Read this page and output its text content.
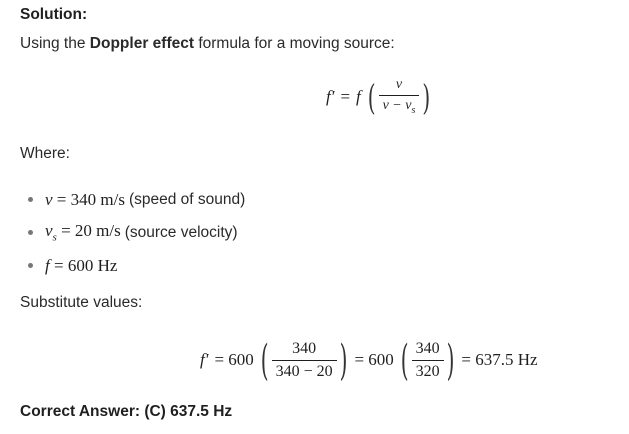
Solution:
Using the Doppler effect formula for a moving source:
f′ = f ( $\frac{v}{v - v_s}$ )
Where:
v = 340 m/s (speed of sound)
$v_s = 20$ m/s (source velocity)
f = 600 Hz
Substitute values:
f′ = 600 ( $\frac{340}{340 - 20}$ ) = 600 ( $\frac{340}{320}$ ) = 637.5 Hz
Correct Answer: (C) 637.5 Hz
